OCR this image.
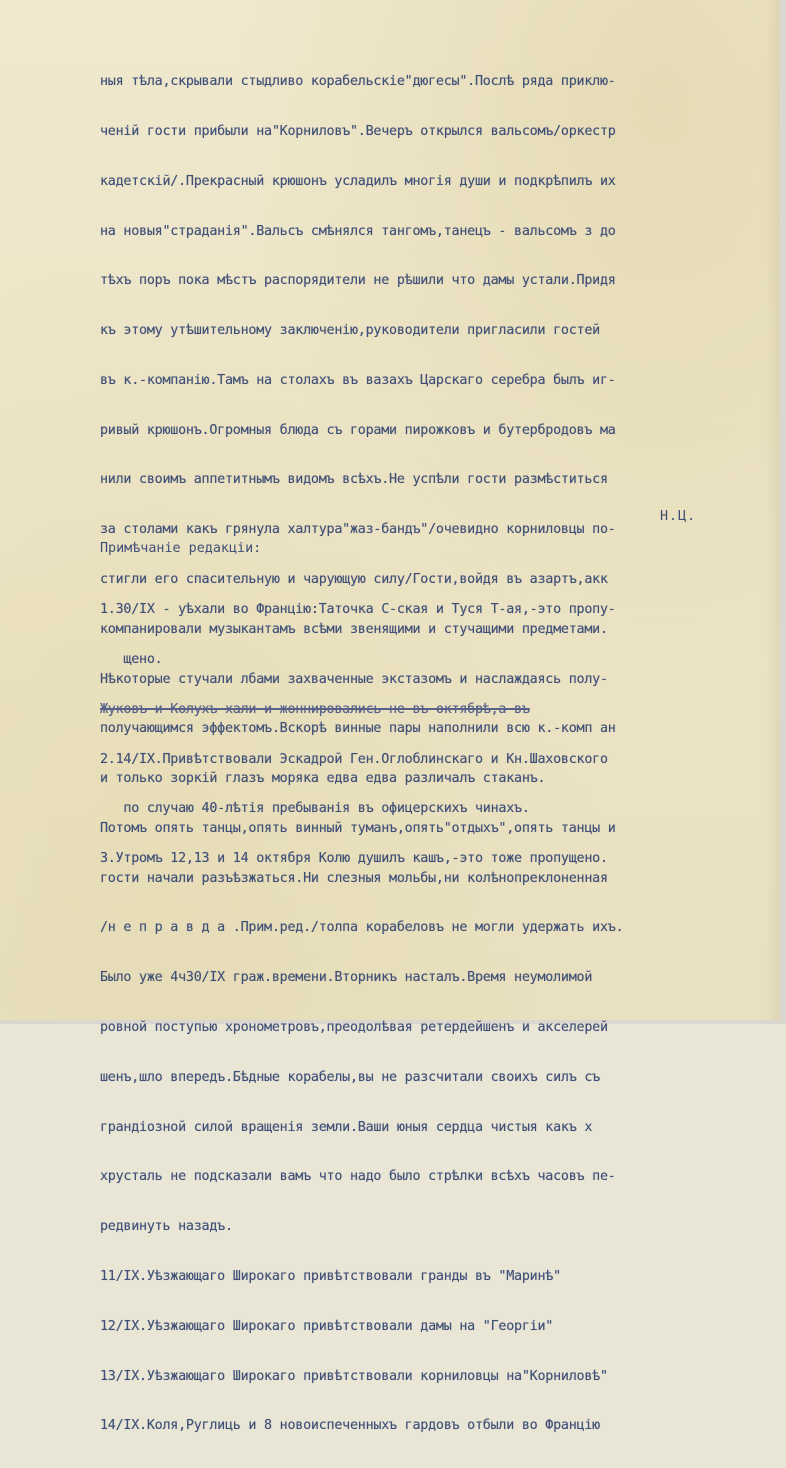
ныя тѣла,скрывали стыдливо корабельскіе"дюгесы".Послѣ ряда приклю-

ченій гости прибыли на"Корниловъ".Вечеръ открылся вальсомъ/оркестр

кадетскій/.Прекрасный крюшонъ усладилъ многія души и подкрѣпилъ их

на новыя"страданія".Вальсъ смѣнялся тангомъ,танецъ - вальсомъ з до

тѣхъ поръ пока мѣстъ распорядители не рѣшили что дамы устали.Придя

къ этому утѣшительному заключенію,руководители пригласили гостей

въ к.-компанію.Тамъ на столахъ въ вазахъ Царскаго серебра былъ иг-

ривый крюшонъ.Огромныя блюда съ горами пирожковъ и бутербродовъ ма

нили своимъ аппетитнымъ видомъ всѣхъ.Не успѣли гости размѣститься

за столами какъ грянула халтура"жаз-бандъ"/очевидно корниловцы по-

стигли его спасительную и чарующую силу/Гости,войдя въ азартъ,акк

компанировали музыкантамъ всѣми звенящими и стучащими предметами.

Нѣкоторые стучали лбами захваченные экстазомъ и наслаждаясь полу-

получающимся эффектомъ.Вскорѣ винные пары наполнили всю к.-комп ан

и только зоркій глазъ моряка едва едва различалъ стаканъ.

Потомъ опять танцы,опять винный туманъ,опять"отдыхъ",опять танцы и

гости начали разъѣзжаться.Ни слезныя мольбы,ни колѣнопреклоненная

/н е п р а в д а .Прим.ред./толпа корабеловъ не могли удержать ихъ.

Было уже 4ч30/IX граж.времени.Вторникъ насталъ.Время неумолимой

ровной поступью хронометровъ,преодолѣвая ретердейшенъ и акселерей

шенъ,шло впередъ.Бѣдные корабелы,вы не разсчитали своихъ силъ съ

грандіозной силой вращенія земли.Ваши юныя сердца чистыя какъ х

хрусталь не подсказали вамъ что надо было стрѣлки всѣхъ часовъ пе-

редвинуть назадъ.

11/IX.Уѣзжающаго Широкаго привѣтствовали гранды въ "Маринѣ"

12/IX.Уѣзжающаго Широкаго привѣтствовали дамы на "Георгіи"

13/IX.Уѣзжающаго Широкаго привѣтствовали корниловцы на"Корниловѣ"

14/IX.Коля,Руглиць и 8 новоиспеченныхъ гардовъ отбыли во Францію

Н.Ц.
Примѣчаніе редакціи:

1.30/IX - уѣхали во Францію:Таточка С-ская и Туся Т-ая,-это пропу-

щено.

Жуковъ и Колухъ хали и жоннировались не въ октябрѣ,а въ

2.14/IX.Привѣтствовали Эскадрой Ген.Оглоблинскаго и Кн.Шаховского

по случаю 40-лѣтія пребыванія въ офицерскихъ чинахъ.

3.Утромъ 12,13 и 14 октября Колю душилъ кашъ,-это тоже пропущено.
